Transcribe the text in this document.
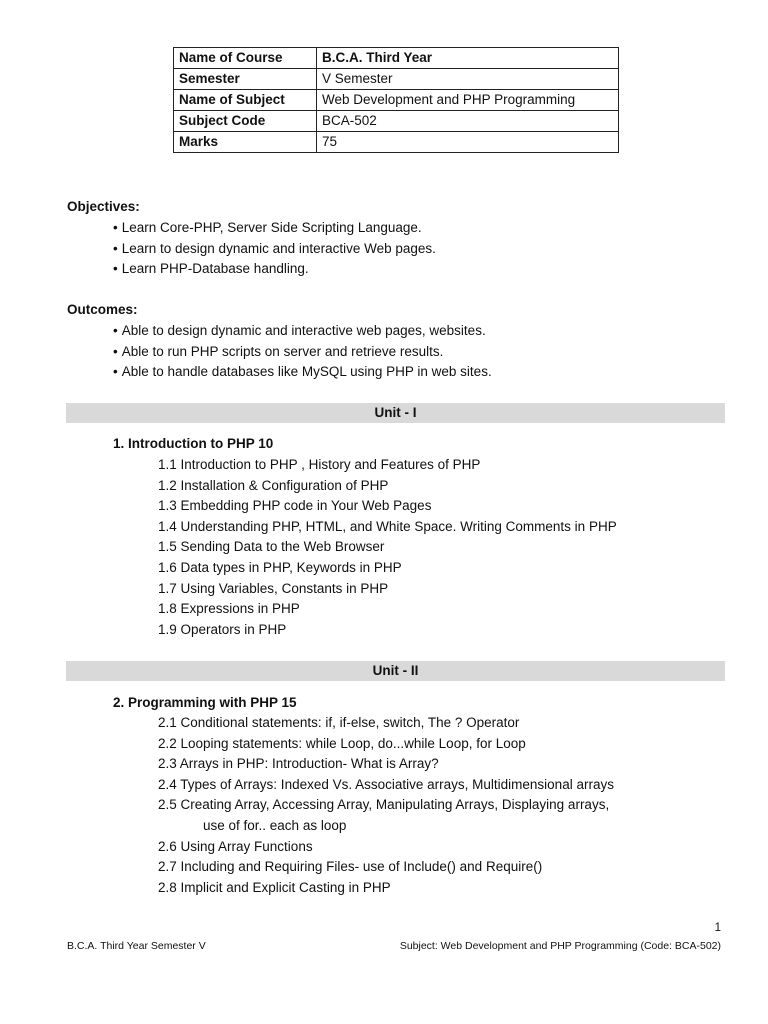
Name of Course	B.C.A. Third Year
Semester	V Semester
Name of Subject	Web Development and PHP Programming
Subject Code	BCA-502
Marks	75
Objectives:
• Learn Core-PHP, Server Side Scripting Language.
• Learn to design dynamic and interactive Web pages.
• Learn PHP-Database handling.
Outcomes:
• Able to design dynamic and interactive web pages, websites.
• Able to run PHP scripts on server and retrieve results.
• Able to handle databases like MySQL using PHP in web sites.
Unit - I
1. Introduction to PHP 10
1.1 Introduction to PHP , History and Features of PHP
1.2 Installation & Configuration of PHP
1.3 Embedding PHP code in Your Web Pages
1.4 Understanding PHP, HTML, and White Space. Writing Comments in PHP
1.5 Sending Data to the Web Browser
1.6 Data types in PHP, Keywords in PHP
1.7 Using Variables, Constants in PHP
1.8 Expressions in PHP
1.9 Operators in PHP
Unit - II
2. Programming with PHP 15
2.1 Conditional statements: if, if-else, switch, The ? Operator
2.2 Looping statements: while Loop, do...while Loop, for Loop
2.3 Arrays in PHP: Introduction- What is Array?
2.4 Types of Arrays: Indexed Vs. Associative arrays, Multidimensional arrays
2.5 Creating Array, Accessing Array, Manipulating Arrays, Displaying arrays,
use of for.. each as loop
2.6 Using Array Functions
2.7 Including and Requiring Files- use of Include() and Require()
2.8 Implicit and Explicit Casting in PHP
1
B.C.A. Third Year Semester V	Subject: Web Development and PHP Programming (Code: BCA-502)
